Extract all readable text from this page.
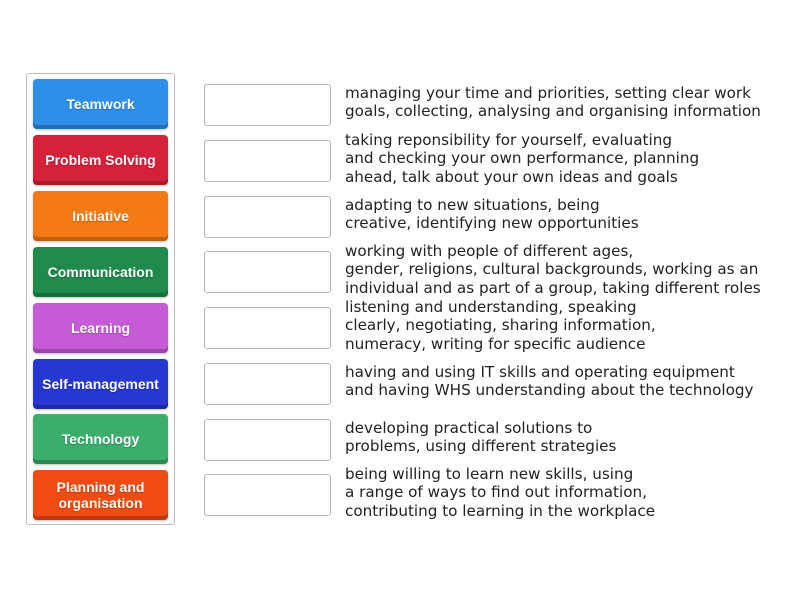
Teamwork
Problem Solving
Initiative
Communication
Learning
Self-management
Technology
Planning and
organisation
managing your time and priorities, setting clear work
goals, collecting, analysing and organising information
taking reponsibility for yourself, evaluating
and checking your own performance, planning
ahead, talk about your own ideas and goals
adapting to new situations, being
creative, identifying new opportunities
working with people of different ages,
gender, religions, cultural backgrounds, working as an
individual and as part of a group, taking different roles
listening and understanding, speaking
clearly, negotiating, sharing information,
numeracy, writing for specific audience
having and using IT skills and operating equipment
and having WHS understanding about the technology
developing practical solutions to
problems, using different strategies
being willing to learn new skills, using
a range of ways to find out information,
contributing to learning in the workplace
